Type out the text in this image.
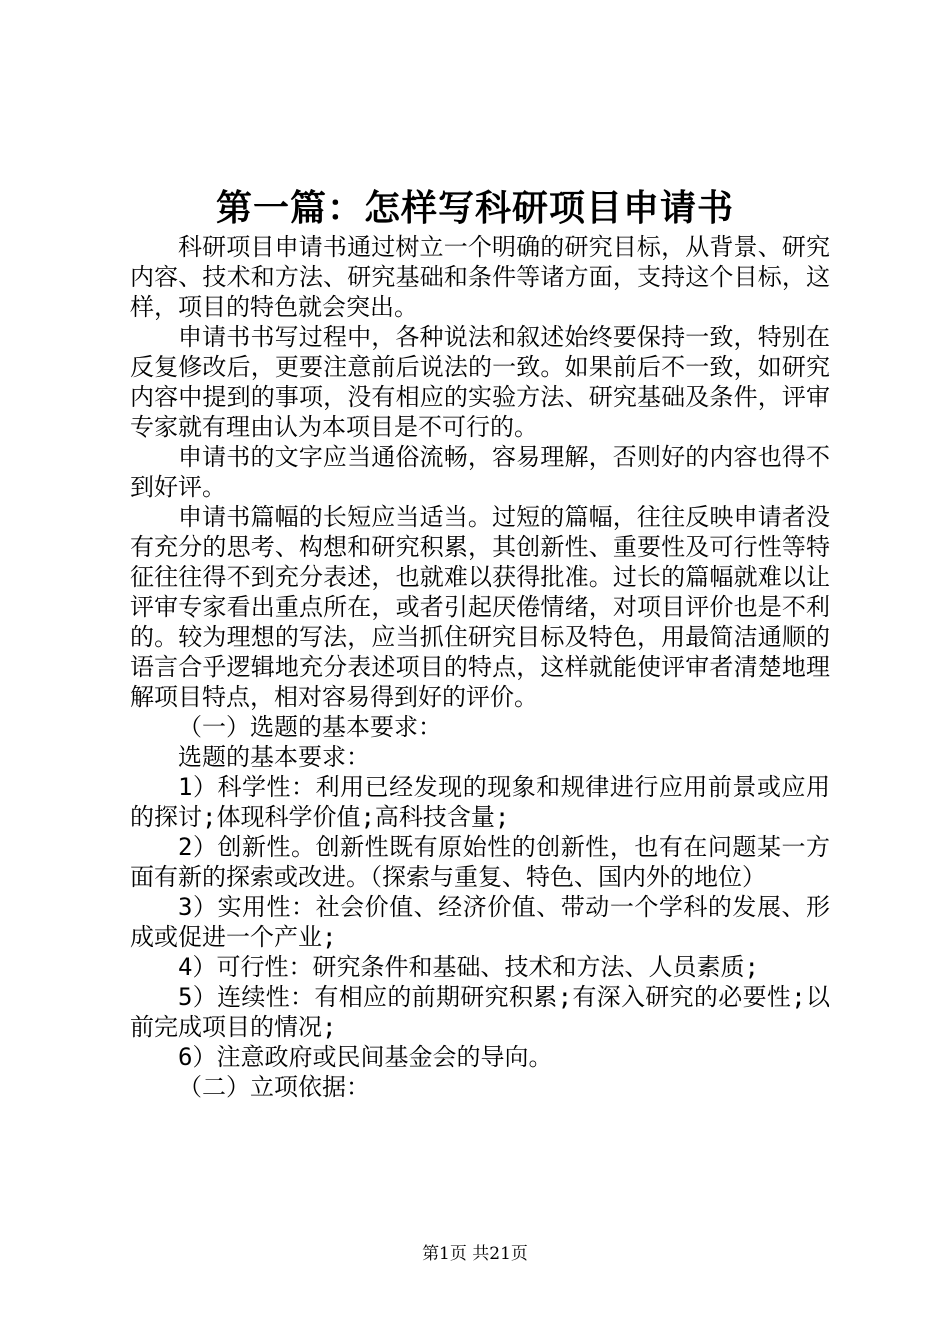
第一篇：怎样写科研项目申请书

科研项目申请书通过树立一个明确的研究目标，从背景、研究内容、技术和方法、研究基础和条件等诸方面，支持这个目标，这样，项目的特色就会突出。

申请书书写过程中，各种说法和叙述始终要保持一致，特别在反复修改后，更要注意前后说法的一致。如果前后不一致，如研究内容中提到的事项，没有相应的实验方法、研究基础及条件，评审专家就有理由认为本项目是不可行的。

申请书的文字应当通俗流畅，容易理解，否则好的内容也得不到好评。

申请书篇幅的长短应当适当。过短的篇幅，往往反映申请者没有充分的思考、构想和研究积累，其创新性、重要性及可行性等特征往往得不到充分表述，也就难以获得批准。过长的篇幅就难以让评审专家看出重点所在，或者引起厌倦情绪，对项目评价也是不利的。较为理想的写法，应当抓住研究目标及特色，用最简洁通顺的语言合乎逻辑地充分表述项目的特点，这样就能使评审者清楚地理解项目特点，相对容易得到好的评价。

（一）选题的基本要求：

选题的基本要求：

1）科学性：利用已经发现的现象和规律进行应用前景或应用的探讨;体现科学价值;高科技含量;

2）创新性。创新性既有原始性的创新性，也有在问题某一方面有新的探索或改进。（探索与重复、特色、国内外的地位）

3）实用性：社会价值、经济价值、带动一个学科的发展、形成或促进一个产业;

4）可行性：研究条件和基础、技术和方法、人员素质;

5）连续性：有相应的前期研究积累;有深入研究的必要性;以前完成项目的情况;

6）注意政府或民间基金会的导向。

（二）立项依据：

第1页 共21页
